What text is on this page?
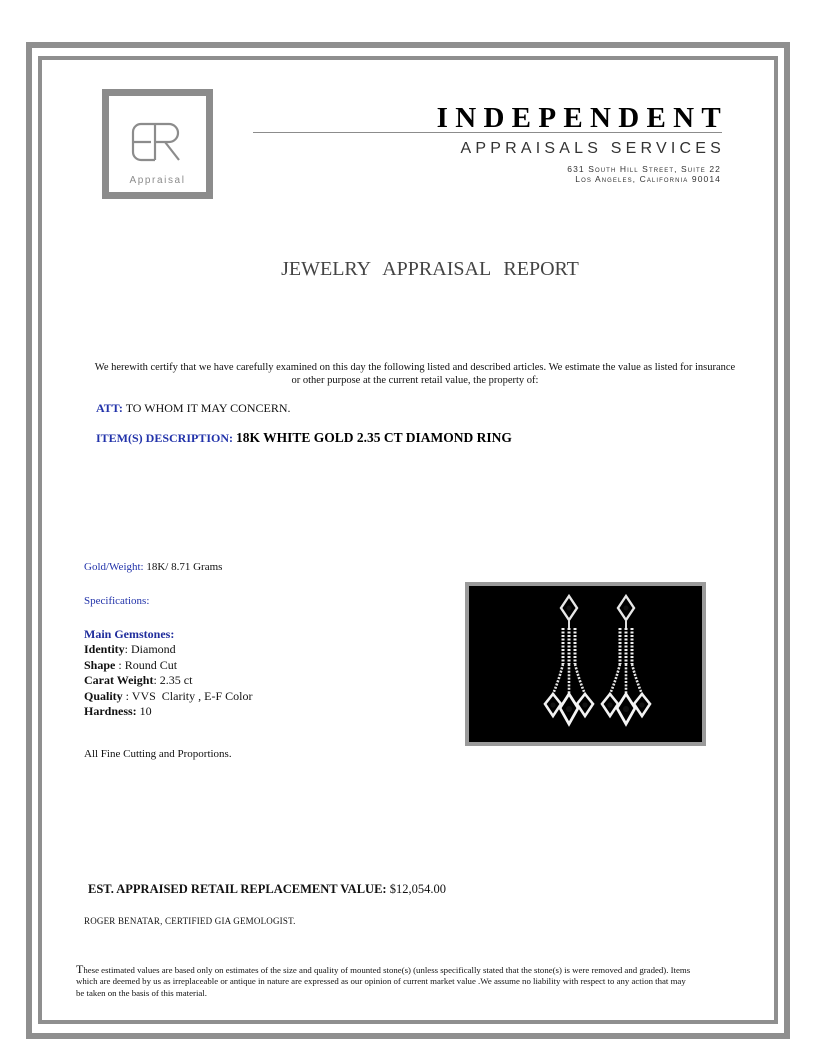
Appraisal
INDEPENDENT
APPRAISALS SERVICES
631 South Hill Street, Suite 22
Los Angeles, California 90014
JEWELRY APPRAISAL REPORT
We herewith certify that we have carefully examined on this day the following listed and described articles. We estimate the value as listed for insurance or other purpose at the current retail value, the property of:
ATT: TO WHOM IT MAY CONCERN.
ITEM(S) DESCRIPTION: 18K WHITE GOLD 2.35 CT DIAMOND RING
Gold/Weight: 18K/ 8.71 Grams
Specifications:
Main Gemstones:
Identity: Diamond
Shape : Round Cut
Carat Weight: 2.35 ct
Quality : VVS  Clarity , E-F Color
Hardness: 10
All Fine Cutting and Proportions.
EST. APPRAISED RETAIL REPLACEMENT VALUE: $12,054.00
ROGER BENATAR, CERTIFIED GIA GEMOLOGIST.
These estimated values are based only on estimates of the size and quality of mounted stone(s) (unless specifically stated that the stone(s) is were removed and graded). Items which are deemed by us as irreplaceable or antique in nature are expressed as our opinion of current market value .We assume no liability with respect to any action that may be taken on the basis of this material.
